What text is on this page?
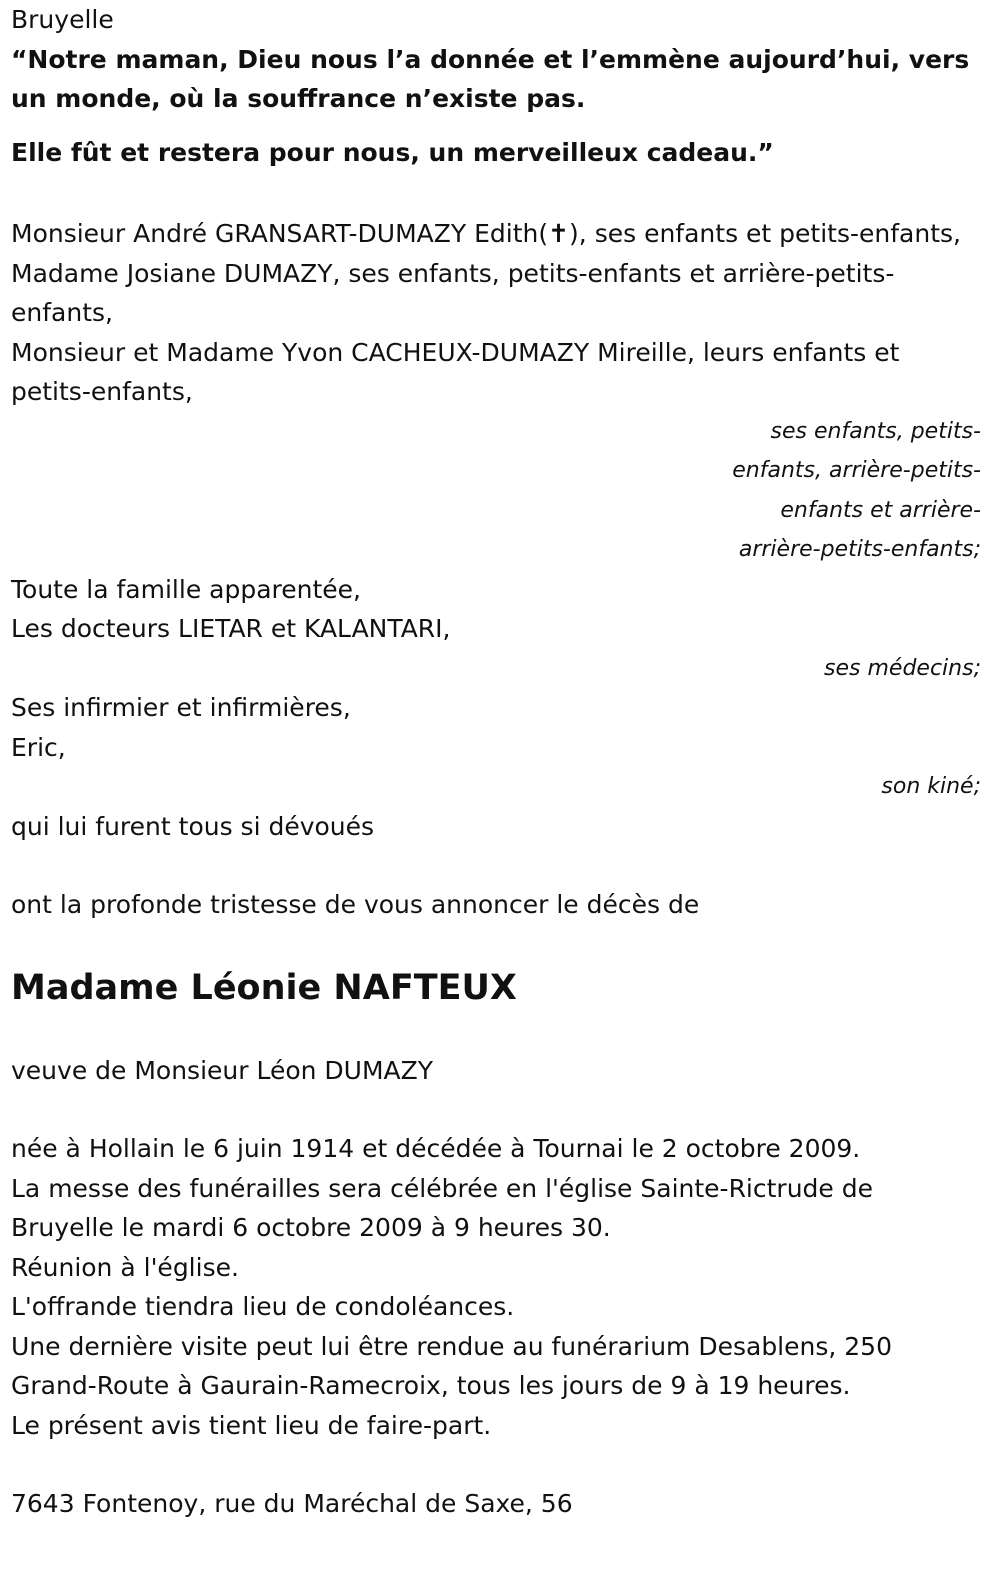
Bruyelle

“Notre maman, Dieu nous l’a donnée et l’emmène aujourd’hui, vers un monde, où la souffrance n’existe pas.

Elle fût et restera pour nous, un merveilleux cadeau.”

Monsieur André GRANSART-DUMAZY Edith(✝), ses enfants et petits-enfants,

Madame Josiane DUMAZY, ses enfants, petits-enfants et arrière-petits-enfants,

Monsieur et Madame Yvon CACHEUX-DUMAZY Mireille, leurs enfants et petits-enfants,

ses enfants, petits-enfants, arrière-petits-enfants et arrière-arrière-petits-enfants;

Toute la famille apparentée,

Les docteurs LIETAR et KALANTARI,

ses médecins;

Ses infirmier et infirmières,

Eric,

son kiné;

qui lui furent tous si dévoués

ont la profonde tristesse de vous annoncer le décès de

Madame Léonie NAFTEUX

veuve de Monsieur Léon DUMAZY

née à Hollain le 6 juin 1914 et décédée à Tournai le 2 octobre 2009.

La messe des funérailles sera célébrée en l'église Sainte-Rictrude de Bruyelle le mardi 6 octobre 2009 à 9 heures 30.

Réunion à l'église.

L'offrande tiendra lieu de condoléances.

Une dernière visite peut lui être rendue au funérarium Desablens, 250 Grand-Route à Gaurain-Ramecroix, tous les jours de 9 à 19 heures.

Le présent avis tient lieu de faire-part.

7643 Fontenoy, rue du Maréchal de Saxe, 56
